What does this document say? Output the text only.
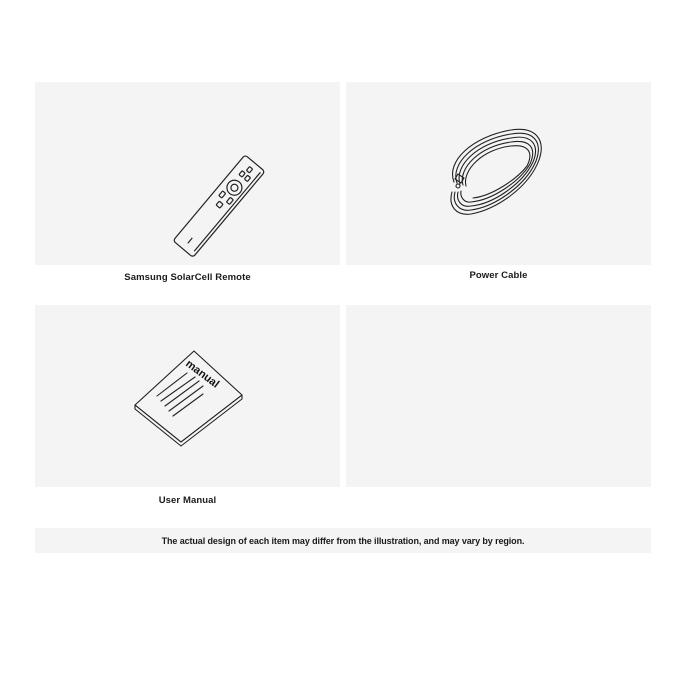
Samsung SolarCell Remote	Power Cable
manual
User Manual
The actual design of each item may differ from the illustration, and may vary by region.
